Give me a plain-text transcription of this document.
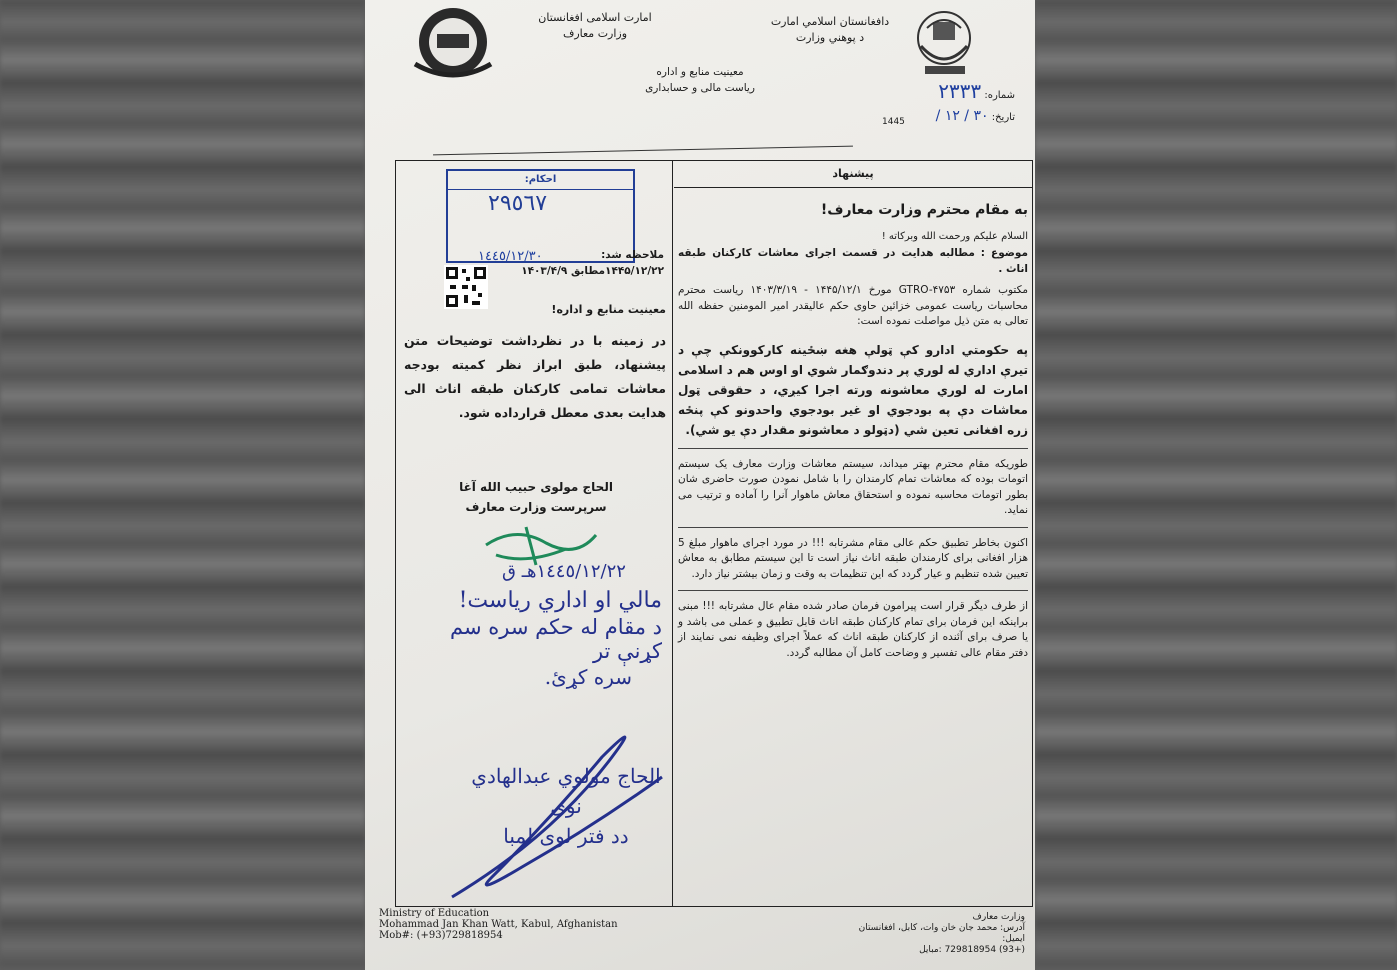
دافغانستان اسلامي امارت
د پوهني وزارت
امارت اسلامی افغانستان
وزارت معارف
معینیت منابع و اداره
ریاست مالی و حسابداری
شماره: ٢٣٣٣
تاریخ: ٣٠ / ١٢ /
1445
پیشنهاد

به مقام محترم وزارت معارف!

السلام علیکم ورحمت الله وبرکاته !

موضوع : مطالبه هدایت در قسمت اجرای معاشات کارکنان طبقه اناث .

مکتوب شماره GTRO-۴۷۵۳ مورخ ۱۴۴۵/۱۲/۱ - ۱۴۰۳/۳/۱۹ ریاست محترم محاسبات ریاست عمومی خزائین حاوی حکم عالیقدر امیر المومنین حفظه الله تعالی به متن ذیل مواصلت نموده است:

په حکومتي ادارو کې ټولې هغه ښځینه کارکوونکې چې د تیرې اداري له لوري پر دندوګمار شوي او اوس هم د اسلامی امارت له لوري معاشونه ورته اجرا کیږي، د حقوقی ټول معاشات دې په بودجوي او غیر بودجوي واحدونو کې پنځه زره افغانی تعین شي (دټولو د معاشونو مقدار دې یو شي).

طوریکه مقام محترم بهتر میداند، سیستم معاشات وزارت معارف یک سیستم اتومات بوده که معاشات تمام کارمندان را با شامل نمودن صورت حاضری شان بطور اتومات محاسبه نموده و استحقاق معاش ماهوار آنرا را آماده و ترتیب می نماید.

اکنون بخاطر تطبیق حکم عالی مقام مشرتابه !!! در مورد اجرای ماهوار مبلغ 5 هزار افغانی برای کارمندان طبقه اناث نیاز است تا این سیستم مطابق به معاش تعیین شده تنظیم و عیار گردد که این تنظیمات به وقت و زمان بیشتر نیاز دارد.

از طرف دیگر قرار است پیرامون فرمان صادر شده مقام عال مشرتابه !!! مبنی براینکه این فرمان برای تمام کارکنان طبقه اناث قابل تطبیق و عملی می باشد و یا صرف برای آئنده از کارکنان طبقه اناث که عملاً اجرای وظیفه نمی نمایند از دفتر مقام عالی تفسیر و وضاحت کامل آن مطالبه گردد.

احکام:
٢٩٥٦٧
١٤٤٥/١٢/٣٠	ملاحظه شد:
۱۴۴۵/۱۲/۲۲مطابق ۱۴۰۳/۴/۹
معینیت منابع و اداره!
در زمینه با در نظرداشت توضیحات متن پیشنهاد، طبق ابراز نظر کمیته بودجه معاشات تمامی کارکنان طبقه اناث الی هدایت بعدی معطل قرارداده شود.
الحاج مولوی حبیب الله آغا
سرپرست وزارت معارف
١٤٤٥/١٢/٢٢هـ ق
مالي او اداري رياست!
د مقام له حکم سره سم کړنې تر
سره کړئ.
الحاج مولوي عبدالهادي نوی
دد فتر لوی لمبا
Ministry of Education
Mohammad Jan Khan Watt, Kabul, Afghanistan
Mob#: (+93)729818954
وزارت معارف
آدرس: محمد جان خان وات، کابل، افغانستان
ایمیل:
(+93) 729818954 :مبایل
